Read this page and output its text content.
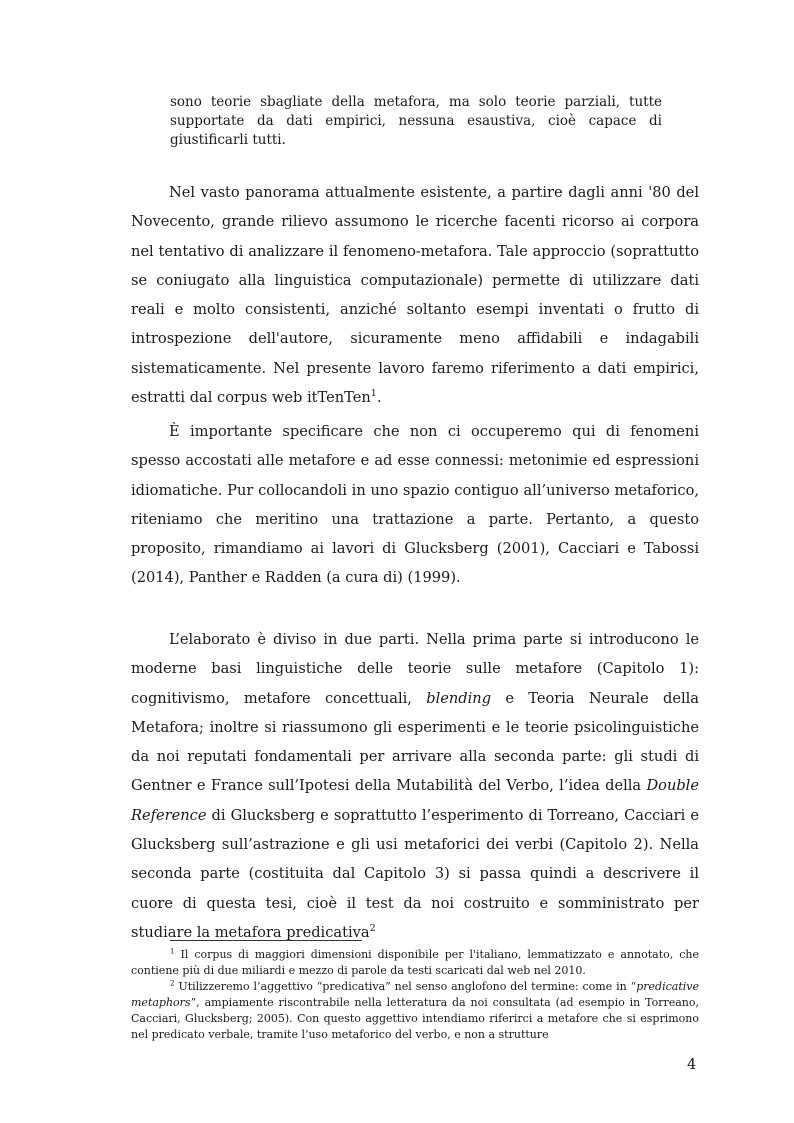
sono teorie sbagliate della metafora, ma solo teorie parziali, tutte supportate da dati empirici, nessuna esaustiva, cioè capace di giustificarli tutti.

Nel vasto panorama attualmente esistente, a partire dagli anni '80 del Novecento, grande rilievo assumono le ricerche facenti ricorso ai corpora nel tentativo di analizzare il fenomeno-metafora. Tale approccio (soprattutto se coniugato alla linguistica computazionale) permette di utilizzare dati reali e molto consistenti, anziché soltanto esempi inventati o frutto di introspezione dell'autore, sicuramente meno affidabili e indagabili sistematicamente. Nel presente lavoro faremo riferimento a dati empirici, estratti dal corpus web itTenTen$^1$.

È importante specificare che non ci occuperemo qui di fenomeni spesso accostati alle metafore e ad esse connessi: metonimie ed espressioni idiomatiche. Pur collocandoli in uno spazio contiguo all’universo metaforico, riteniamo che meritino una trattazione a parte. Pertanto, a questo proposito, rimandiamo ai lavori di Glucksberg (2001), Cacciari e Tabossi (2014), Panther e Radden (a cura di) (1999).

L’elaborato è diviso in due parti. Nella prima parte si introducono le moderne basi linguistiche delle teorie sulle metafore (Capitolo 1): cognitivismo, metafore concettuali, blending e Teoria Neurale della Metafora; inoltre si riassumono gli esperimenti e le teorie psicolinguistiche da noi reputati fondamentali per arrivare alla seconda parte: gli studi di Gentner e France sull’Ipotesi della Mutabilità del Verbo, l’idea della Double Reference di Glucksberg e soprattutto l’esperimento di Torreano, Cacciari e Glucksberg sull’astrazione e gli usi metaforici dei verbi (Capitolo 2). Nella seconda parte (costituita dal Capitolo 3) si passa quindi a descrivere il cuore di questa tesi, cioè il test da noi costruito e somministrato per studiare la metafora predicativa$^2$

$^1$ Il corpus di maggiori dimensioni disponibile per l'italiano, lemmatizzato e annotato, che contiene più di due miliardi e mezzo di parole da testi scaricati dal web nel 2010.

$^2$ Utilizzeremo l’aggettivo “predicativa” nel senso anglofono del termine: come in “predicative metaphors”, ampiamente riscontrabile nella letteratura da noi consultata (ad esempio in Torreano, Cacciari, Glucksberg; 2005). Con questo aggettivo intendiamo riferirci a metafore che si esprimono nel predicato verbale, tramite l’uso metaforico del verbo, e non a strutture

4
